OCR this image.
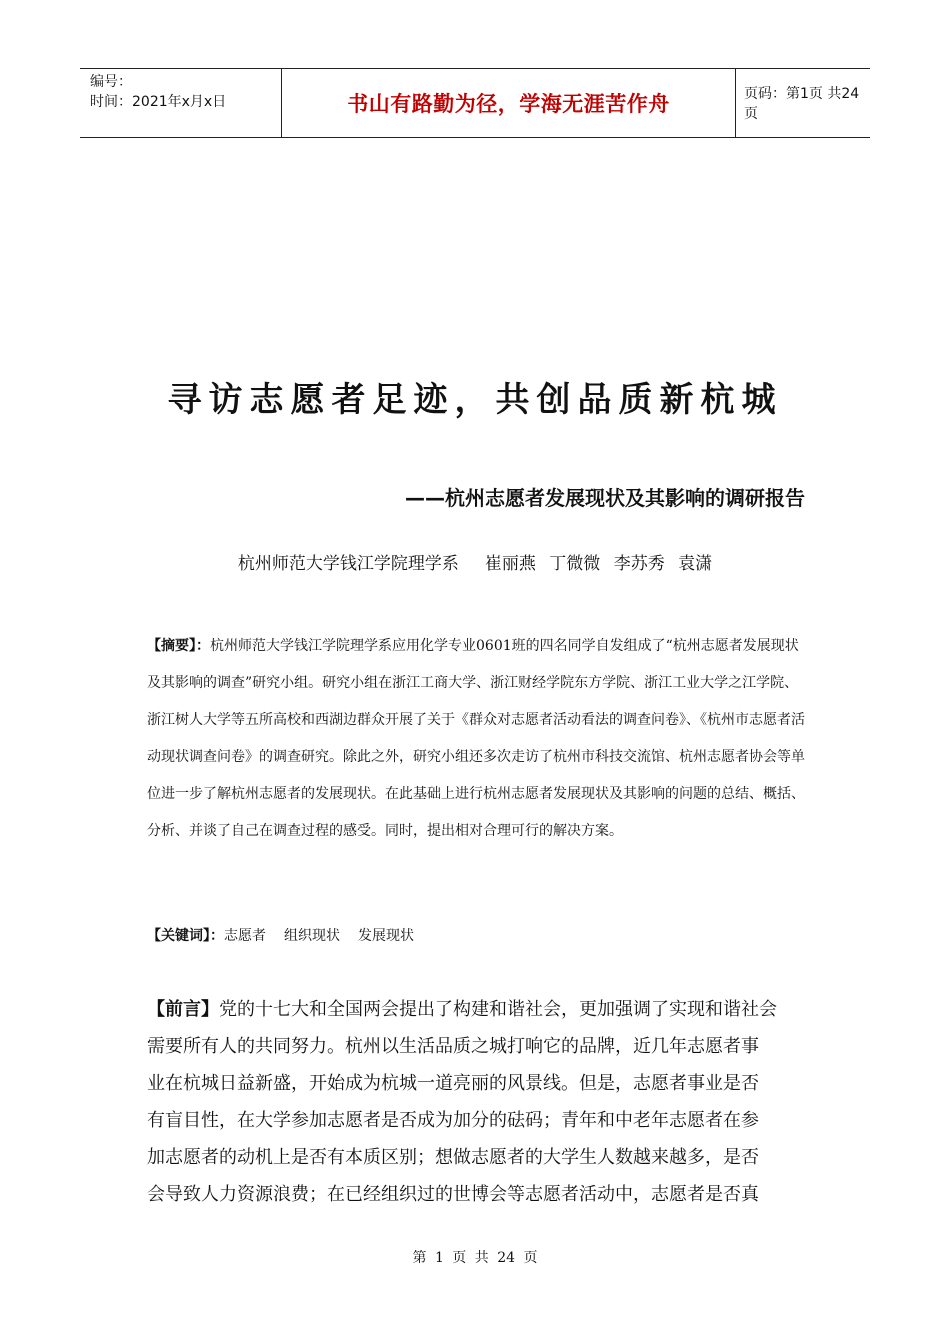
编号：
时间：2021年x月x日	书山有路勤为径，学海无涯苦作舟	页码：第1页 共24页
寻访志愿者足迹，共创品质新杭城
——杭州志愿者发展现状及其影响的调研报告
杭州师范大学钱江学院理学系 崔丽燕 丁微微 李苏秀 袁潇
【摘要】：杭州师范大学钱江学院理学系应用化学专业0601班的四名同学自发组成了“杭州志愿者发展现状及其影响的调查”研究小组。研究小组在浙江工商大学、浙江财经学院东方学院、浙江工业大学之江学院、浙江树人大学等五所高校和西湖边群众开展了关于《群众对志愿者活动看法的调查问卷》、《杭州市志愿者活动现状调查问卷》的调查研究。除此之外，研究小组还多次走访了杭州市科技交流馆、杭州志愿者协会等单位进一步了解杭州志愿者的发展现状。在此基础上进行杭州志愿者发展现状及其影响的问题的总结、概括、分析、并谈了自己在调查过程的感受。同时，提出相对合理可行的解决方案。
【关键词】：志愿者 组织现状 发展现状
【前言】党的十七大和全国两会提出了构建和谐社会，更加强调了实现和谐社会
需要所有人的共同努力。杭州以生活品质之城打响它的品牌，近几年志愿者事
业在杭城日益新盛，开始成为杭城一道亮丽的风景线。但是，志愿者事业是否
有盲目性，在大学参加志愿者是否成为加分的砝码；青年和中老年志愿者在参
加志愿者的动机上是否有本质区别；想做志愿者的大学生人数越来越多，是否
会导致人力资源浪费；在已经组织过的世博会等志愿者活动中，志愿者是否真
第 1 页 共 24 页
